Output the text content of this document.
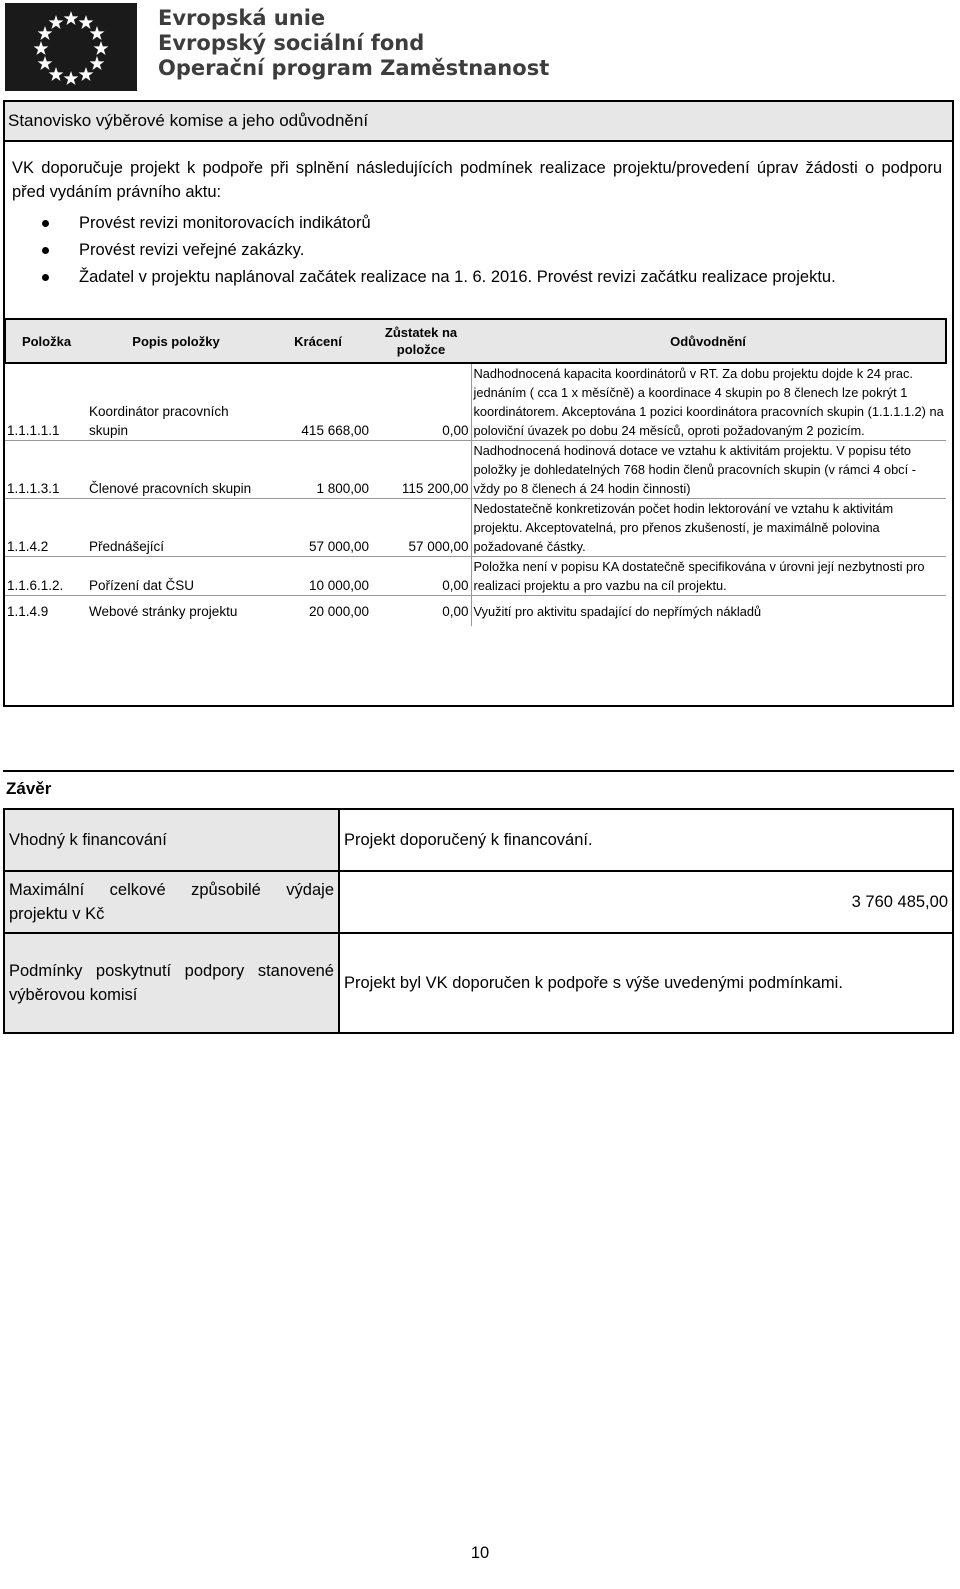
Evropská unie
Evropský sociální fond
Operační program Zaměstnanost
Stanovisko výběrové komise a jeho odůvodnění
VK doporučuje projekt k podpoře při splnění následujících podmínek realizace projektu/provedení úprav žádosti o podporu před vydáním právního aktu:
Provést revizi monitorovacích indikátorů
Provést revizi veřejné zakázky.
Žadatel v projektu naplánoval začátek realizace na 1. 6. 2016. Provést revizi začátku realizace projektu.
Položka	Popis položky	Krácení	Zůstatek na položce	Odůvodnění
1.1.1.1.1	Koordinátor pracovních skupin	415 668,00	0,00	Nadhodnocená kapacita koordinátorů v RT. Za dobu projektu dojde k 24 prac. jednáním ( cca 1 x měsíčně) a koordinace 4 skupin po 8 členech lze pokrýt 1 koordinátorem. Akceptována 1 pozici koordinátora pracovních skupin (1.1.1.1.2) na poloviční úvazek po dobu 24 měsíců, oproti požadovaným 2 pozicím.
1.1.1.3.1	Členové pracovních skupin	1 800,00	115 200,00	Nadhodnocená hodinová dotace ve vztahu k aktivitám projektu. V popisu této položky je dohledatelných 768 hodin členů pracovních skupin (v rámci 4 obcí - vždy po 8 členech á 24 hodin činnosti)
1.1.4.2	Přednášející	57 000,00	57 000,00	Nedostatečně konkretizován počet hodin lektorování ve vztahu k aktivitám projektu. Akceptovatelná, pro přenos zkušeností, je maximálně polovina požadované částky.
1.1.6.1.2.	Pořízení dat ČSU	10 000,00	0,00	Položka není v popisu KA dostatečně specifikována v úrovni její nezbytnosti pro realizaci projektu a pro vazbu na cíl projektu.
1.1.4.9	Webové stránky projektu	20 000,00	0,00	Využití pro aktivitu spadající do nepřímých nákladů
Závěr
Vhodný k financování	Projekt doporučený k financování.
Maximální celkové způsobilé výdaje projektu v Kč	3 760 485,00
Podmínky poskytnutí podpory stanovené výběrovou komisí	Projekt byl VK doporučen k podpoře s výše uvedenými podmínkami.
10
